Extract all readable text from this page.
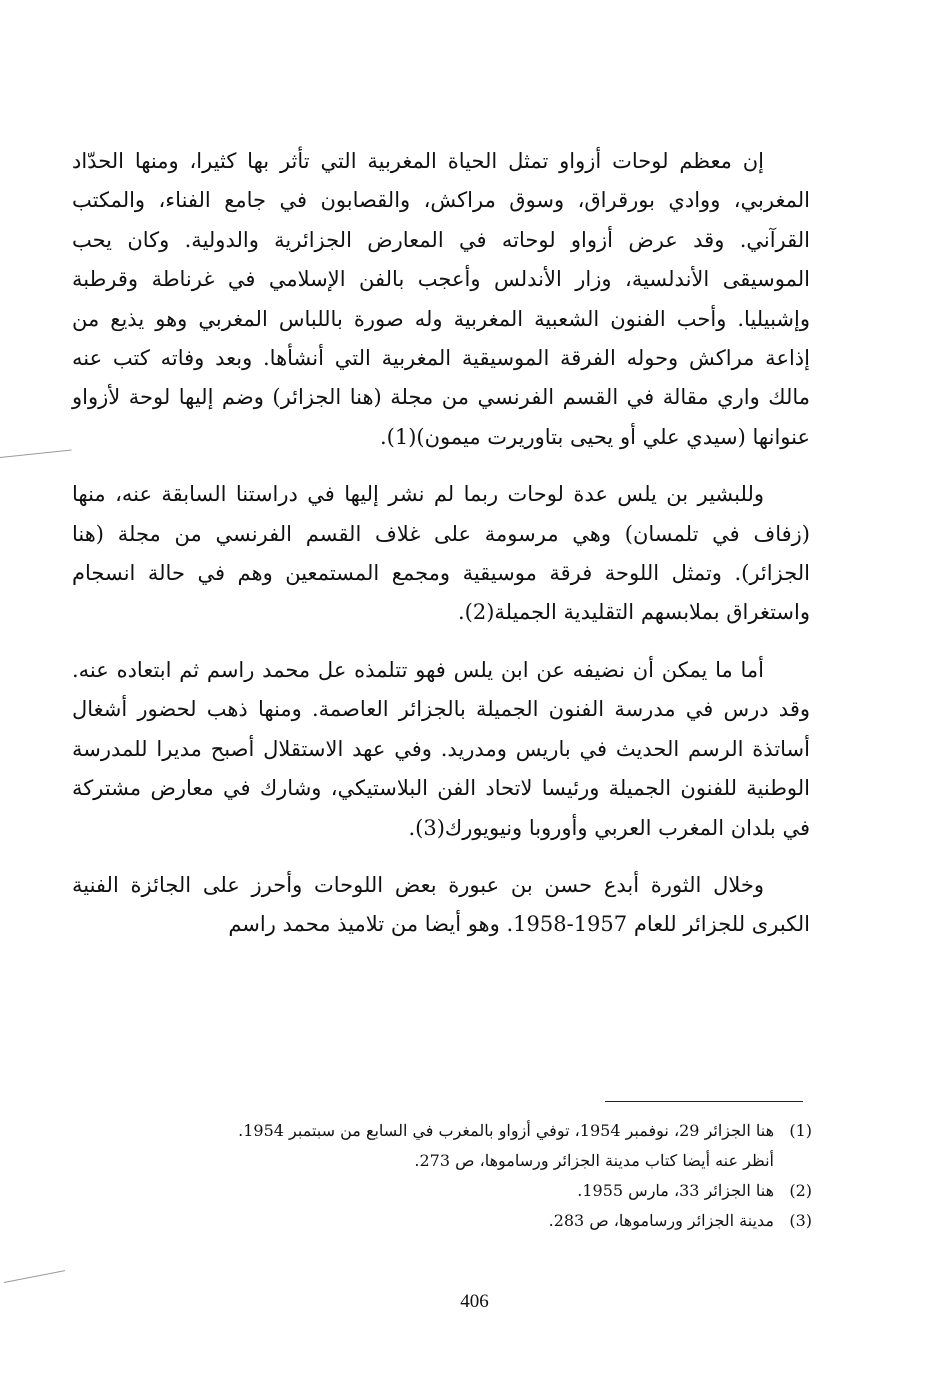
إن معظم لوحات أزواو تمثل الحياة المغربية التي تأثر بها كثيرا، ومنها الحدّاد المغربي، ووادي بورقراق، وسوق مراكش، والقصابون في جامع الفناء، والمكتب القرآني. وقد عرض أزواو لوحاته في المعارض الجزائرية والدولية. وكان يحب الموسيقى الأندلسية، وزار الأندلس وأعجب بالفن الإسلامي في غرناطة وقرطبة وإشبيليا. وأحب الفنون الشعبية المغربية وله صورة باللباس المغربي وهو يذيع من إذاعة مراكش وحوله الفرقة الموسيقية المغربية التي أنشأها. وبعد وفاته كتب عنه مالك واري مقالة في القسم الفرنسي من مجلة (هنا الجزائر) وضم إليها لوحة لأزواو عنوانها (سيدي علي أو يحيى بتاوريرت ميمون)(1).

وللبشير بن يلس عدة لوحات ربما لم نشر إليها في دراستنا السابقة عنه، منها (زفاف في تلمسان) وهي مرسومة على غلاف القسم الفرنسي من مجلة (هنا الجزائر). وتمثل اللوحة فرقة موسيقية ومجمع المستمعين وهم في حالة انسجام واستغراق بملابسهم التقليدية الجميلة(2).

أما ما يمكن أن نضيفه عن ابن يلس فهو تتلمذه عل محمد راسم ثم ابتعاده عنه. وقد درس في مدرسة الفنون الجميلة بالجزائر العاصمة. ومنها ذهب لحضور أشغال أساتذة الرسم الحديث في باريس ومدريد. وفي عهد الاستقلال أصبح مديرا للمدرسة الوطنية للفنون الجميلة ورئيسا لاتحاد الفن البلاستيكي، وشارك في معارض مشتركة في بلدان المغرب العربي وأوروبا ونيويورك(3).

وخلال الثورة أبدع حسن بن عبورة بعض اللوحات وأحرز على الجائزة الفنية الكبرى للجزائر للعام 1957-1958. وهو أيضا من تلاميذ محمد راسم

(1)
هنا الجزائر 29، نوفمبر 1954، توفي أزواو بالمغرب في السابع من سبتمبر 1954.
أنظر عنه أيضا كتاب مدينة الجزائر ورساموها، ص 273.
(2)
هنا الجزائر 33، مارس 1955.
(3)
مدينة الجزائر ورساموها، ص 283.
406
